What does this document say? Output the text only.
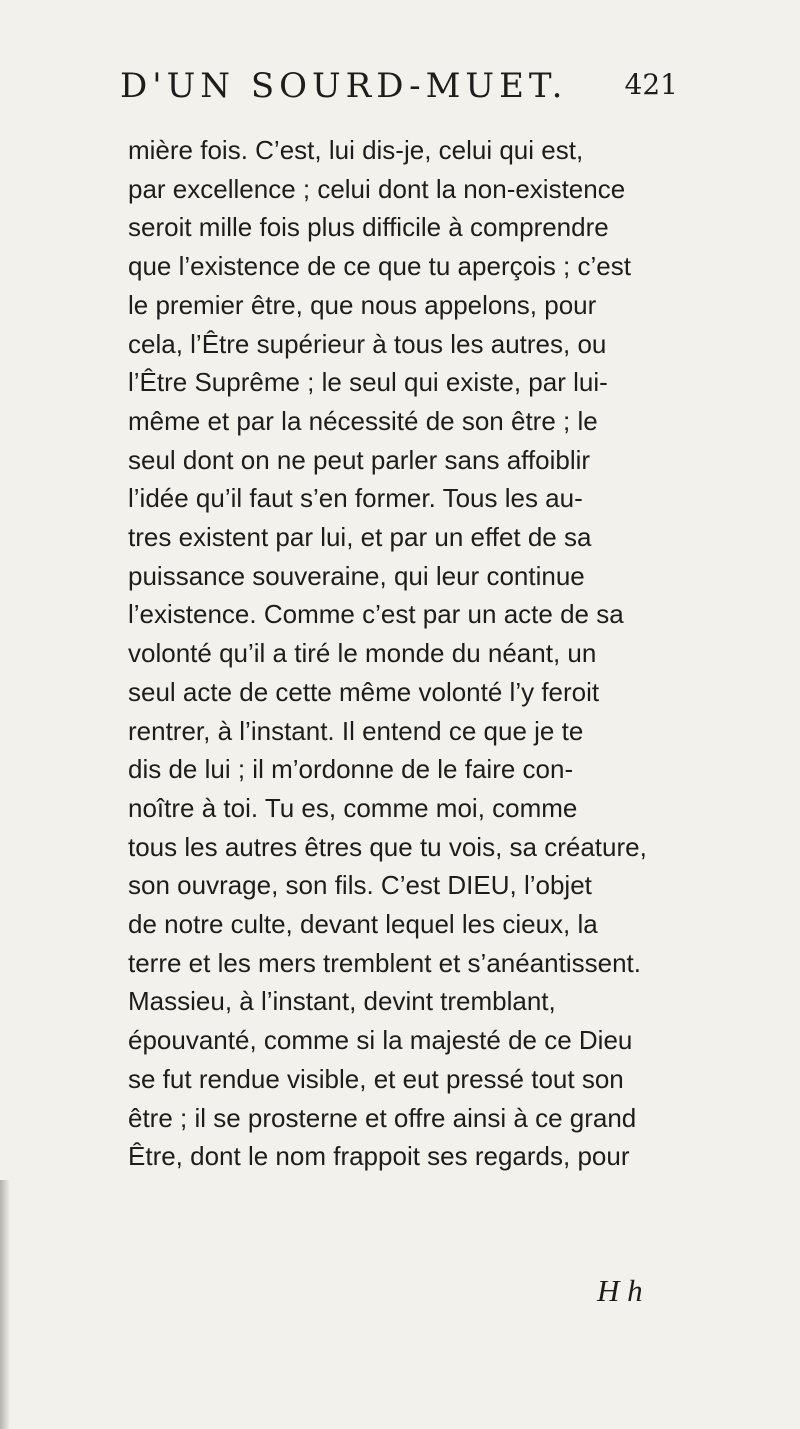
D'UN SOURD-MUET. 421
mière fois. C’est, lui dis-je, celui qui est,
par excellence ; celui dont la non-existence
seroit mille fois plus difficile à comprendre
que l’existence de ce que tu aperçois ; c’est
le premier être, que nous appelons, pour
cela, l’Être supérieur à tous les autres, ou
l’Être Suprême ; le seul qui existe, par lui-
même et par la nécessité de son être ; le
seul dont on ne peut parler sans affoiblir
l’idée qu’il faut s’en former. Tous les au-
tres existent par lui, et par un effet de sa
puissance souveraine, qui leur continue
l’existence. Comme c’est par un acte de sa
volonté qu’il a tiré le monde du néant, un
seul acte de cette même volonté l’y feroit
rentrer, à l’instant. Il entend ce que je te
dis de lui ; il m’ordonne de le faire con-
noître à toi. Tu es, comme moi, comme
tous les autres êtres que tu vois, sa créature,
son ouvrage, son fils. C’est DIEU, l’objet
de notre culte, devant lequel les cieux, la
terre et les mers tremblent et s’anéantissent.
Massieu, à l’instant, devint tremblant,
épouvanté, comme si la majesté de ce Dieu
se fut rendue visible, et eut pressé tout son
être ; il se prosterne et offre ainsi à ce grand
Être, dont le nom frappoit ses regards, pour
H h
